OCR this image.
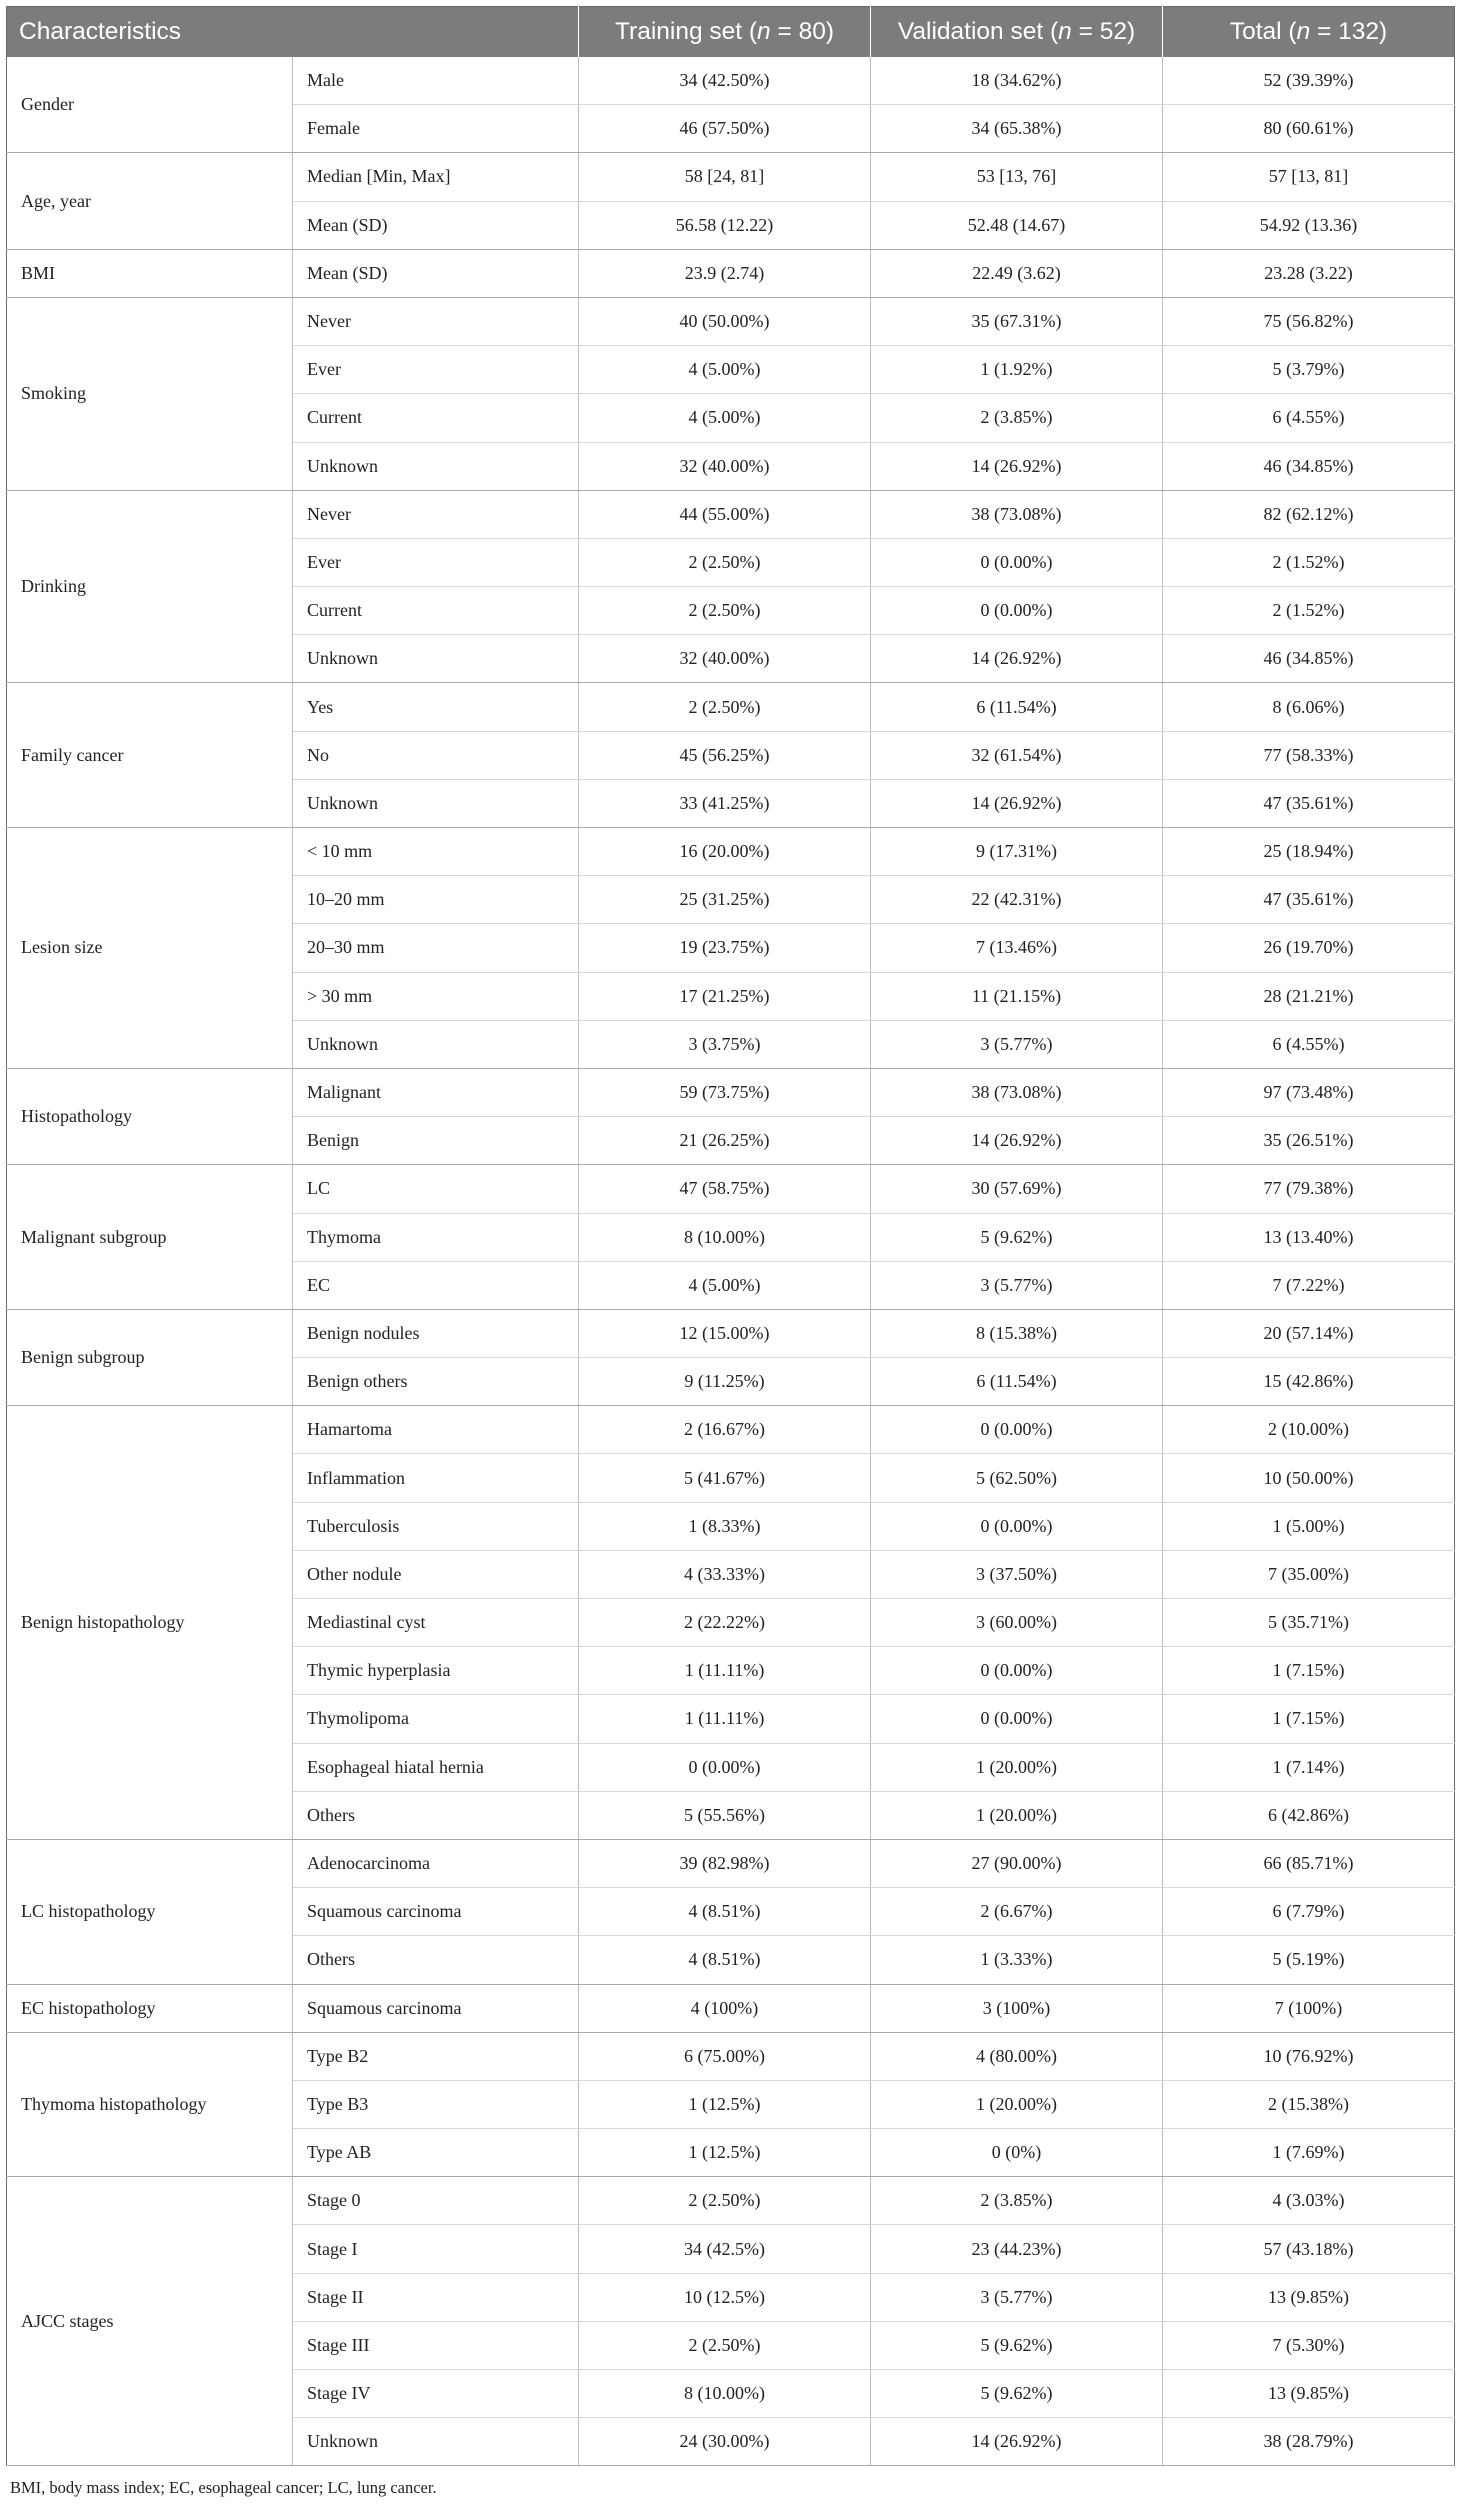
Characteristics		Training set (n = 80)	Validation set (n = 52)	Total (n = 132)
Gender	Male	34 (42.50%)	18 (34.62%)	52 (39.39%)
	Female	46 (57.50%)	34 (65.38%)	80 (60.61%)
Age, year	Median [Min, Max]	58 [24, 81]	53 [13, 76]	57 [13, 81]
	Mean (SD)	56.58 (12.22)	52.48 (14.67)	54.92 (13.36)
BMI	Mean (SD)	23.9 (2.74)	22.49 (3.62)	23.28 (3.22)
Smoking	Never	40 (50.00%)	35 (67.31%)	75 (56.82%)
	Ever	4 (5.00%)	1 (1.92%)	5 (3.79%)
	Current	4 (5.00%)	2 (3.85%)	6 (4.55%)
	Unknown	32 (40.00%)	14 (26.92%)	46 (34.85%)
Drinking	Never	44 (55.00%)	38 (73.08%)	82 (62.12%)
	Ever	2 (2.50%)	0 (0.00%)	2 (1.52%)
	Current	2 (2.50%)	0 (0.00%)	2 (1.52%)
	Unknown	32 (40.00%)	14 (26.92%)	46 (34.85%)
Family cancer	Yes	2 (2.50%)	6 (11.54%)	8 (6.06%)
	No	45 (56.25%)	32 (61.54%)	77 (58.33%)
	Unknown	33 (41.25%)	14 (26.92%)	47 (35.61%)
Lesion size	< 10 mm	16 (20.00%)	9 (17.31%)	25 (18.94%)
	10–20 mm	25 (31.25%)	22 (42.31%)	47 (35.61%)
	20–30 mm	19 (23.75%)	7 (13.46%)	26 (19.70%)
	> 30 mm	17 (21.25%)	11 (21.15%)	28 (21.21%)
	Unknown	3 (3.75%)	3 (5.77%)	6 (4.55%)
Histopathology	Malignant	59 (73.75%)	38 (73.08%)	97 (73.48%)
	Benign	21 (26.25%)	14 (26.92%)	35 (26.51%)
Malignant subgroup	LC	47 (58.75%)	30 (57.69%)	77 (79.38%)
	Thymoma	8 (10.00%)	5 (9.62%)	13 (13.40%)
	EC	4 (5.00%)	3 (5.77%)	7 (7.22%)
Benign subgroup	Benign nodules	12 (15.00%)	8 (15.38%)	20 (57.14%)
	Benign others	9 (11.25%)	6 (11.54%)	15 (42.86%)
Benign histopathology	Hamartoma	2 (16.67%)	0 (0.00%)	2 (10.00%)
	Inflammation	5 (41.67%)	5 (62.50%)	10 (50.00%)
	Tuberculosis	1 (8.33%)	0 (0.00%)	1 (5.00%)
	Other nodule	4 (33.33%)	3 (37.50%)	7 (35.00%)
	Mediastinal cyst	2 (22.22%)	3 (60.00%)	5 (35.71%)
	Thymic hyperplasia	1 (11.11%)	0 (0.00%)	1 (7.15%)
	Thymolipoma	1 (11.11%)	0 (0.00%)	1 (7.15%)
	Esophageal hiatal hernia	0 (0.00%)	1 (20.00%)	1 (7.14%)
	Others	5 (55.56%)	1 (20.00%)	6 (42.86%)
LC histopathology	Adenocarcinoma	39 (82.98%)	27 (90.00%)	66 (85.71%)
	Squamous carcinoma	4 (8.51%)	2 (6.67%)	6 (7.79%)
	Others	4 (8.51%)	1 (3.33%)	5 (5.19%)
EC histopathology	Squamous carcinoma	4 (100%)	3 (100%)	7 (100%)
Thymoma histopathology	Type B2	6 (75.00%)	4 (80.00%)	10 (76.92%)
	Type B3	1 (12.5%)	1 (20.00%)	2 (15.38%)
	Type AB	1 (12.5%)	0 (0%)	1 (7.69%)
AJCC stages	Stage 0	2 (2.50%)	2 (3.85%)	4 (3.03%)
	Stage I	34 (42.5%)	23 (44.23%)	57 (43.18%)
	Stage II	10 (12.5%)	3 (5.77%)	13 (9.85%)
	Stage III	2 (2.50%)	5 (9.62%)	7 (5.30%)
	Stage IV	8 (10.00%)	5 (9.62%)	13 (9.85%)
	Unknown	24 (30.00%)	14 (26.92%)	38 (28.79%)
BMI, body mass index; EC, esophageal cancer; LC, lung cancer.
